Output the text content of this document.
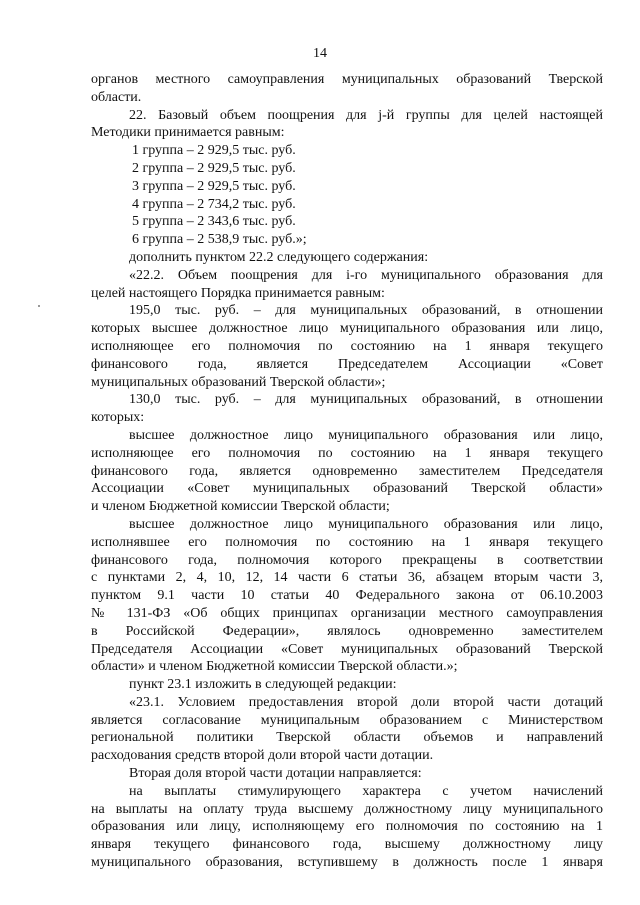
14
органов местного самоуправления муниципальных образований Тверской
области.
22. Базовый объем поощрения для j-й группы для целей настоящей
Методики принимается равным:
1 группа – 2 929,5 тыс. руб.
2 группа – 2 929,5 тыс. руб.
3 группа – 2 929,5 тыс. руб.
4 группа – 2 734,2 тыс. руб.
5 группа – 2 343,6 тыс. руб.
6 группа – 2 538,9 тыс. руб.»;
дополнить пунктом 22.2 следующего содержания:
«22.2. Объем поощрения для i-го муниципального образования для
целей настоящего Порядка принимается равным:
195,0 тыс. руб. – для муниципальных образований, в отношении
которых высшее должностное лицо муниципального образования или лицо,
исполняющее его полномочия по состоянию на 1 января текущего
финансового года, является Председателем Ассоциации «Совет
муниципальных образований Тверской области»;
130,0 тыс. руб. – для муниципальных образований, в отношении
которых:
высшее должностное лицо муниципального образования или лицо,
исполняющее его полномочия по состоянию на 1 января текущего
финансового года, является одновременно заместителем Председателя
Ассоциации «Совет муниципальных образований Тверской области»
и членом Бюджетной комиссии Тверской области;
высшее должностное лицо муниципального образования или лицо,
исполнявшее его полномочия по состоянию на 1 января текущего
финансового года, полномочия которого прекращены в соответствии
с пунктами 2, 4, 10, 12, 14 части 6 статьи 36, абзацем вторым части 3,
пунктом 9.1 части 10 статьи 40 Федерального закона от 06.10.2003
№ 131-ФЗ «Об общих принципах организации местного самоуправления
в Российской Федерации», являлось одновременно заместителем
Председателя Ассоциации «Совет муниципальных образований Тверской
области» и членом Бюджетной комиссии Тверской области.»;
пункт 23.1 изложить в следующей редакции:
«23.1. Условием предоставления второй доли второй части дотаций
является согласование муниципальным образованием с Министерством
региональной политики Тверской области объемов и направлений
расходования средств второй доли второй части дотации.
Вторая доля второй части дотации направляется:
на выплаты стимулирующего характера с учетом начислений
на выплаты на оплату труда высшему должностному лицу муниципального
образования или лицу, исполняющему его полномочия по состоянию на 1
января текущего финансового года, высшему должностному лицу
муниципального образования, вступившему в должность после 1 января
